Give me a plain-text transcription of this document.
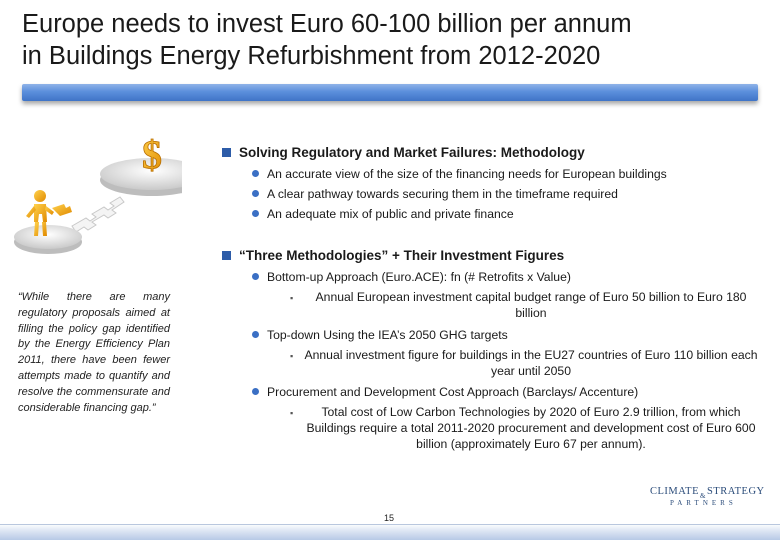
Europe needs to invest Euro 60-100 billion per annum
in Buildings Energy Refurbishment from 2012-2020
$
“While there are many regulatory proposals aimed at filling the policy gap identified by the Energy Efficiency Plan 2011, there have been fewer attempts made to quantify and resolve the commensurate and considerable financing gap.”
Solving Regulatory and Market Failures: Methodology
An accurate view of the size of the financing needs for European buildings
A clear pathway towards securing them in the timeframe required
An adequate mix of public and private finance
“Three Methodologies” + Their Investment Figures
Bottom-up Approach (Euro.ACE): fn (# Retrofits x Value)
▪	Annual European investment capital budget range of Euro 50 billion to Euro 180 billion
Top-down Using the IEA’s 2050 GHG targets
▪ Annual investment figure for buildings in the EU27 countries of Euro 110 billion each year until 2050
Procurement and Development Cost Approach (Barclays/ Accenture)
▪	Total cost of Low Carbon Technologies by 2020 of Euro 2.9 trillion, from which Buildings require a total 2011-2020 procurement and development cost of Euro 600 billion (approximately Euro 67 per annum).
$CLIMATE_{\&}STRATEGY$
PARTNERS
15
